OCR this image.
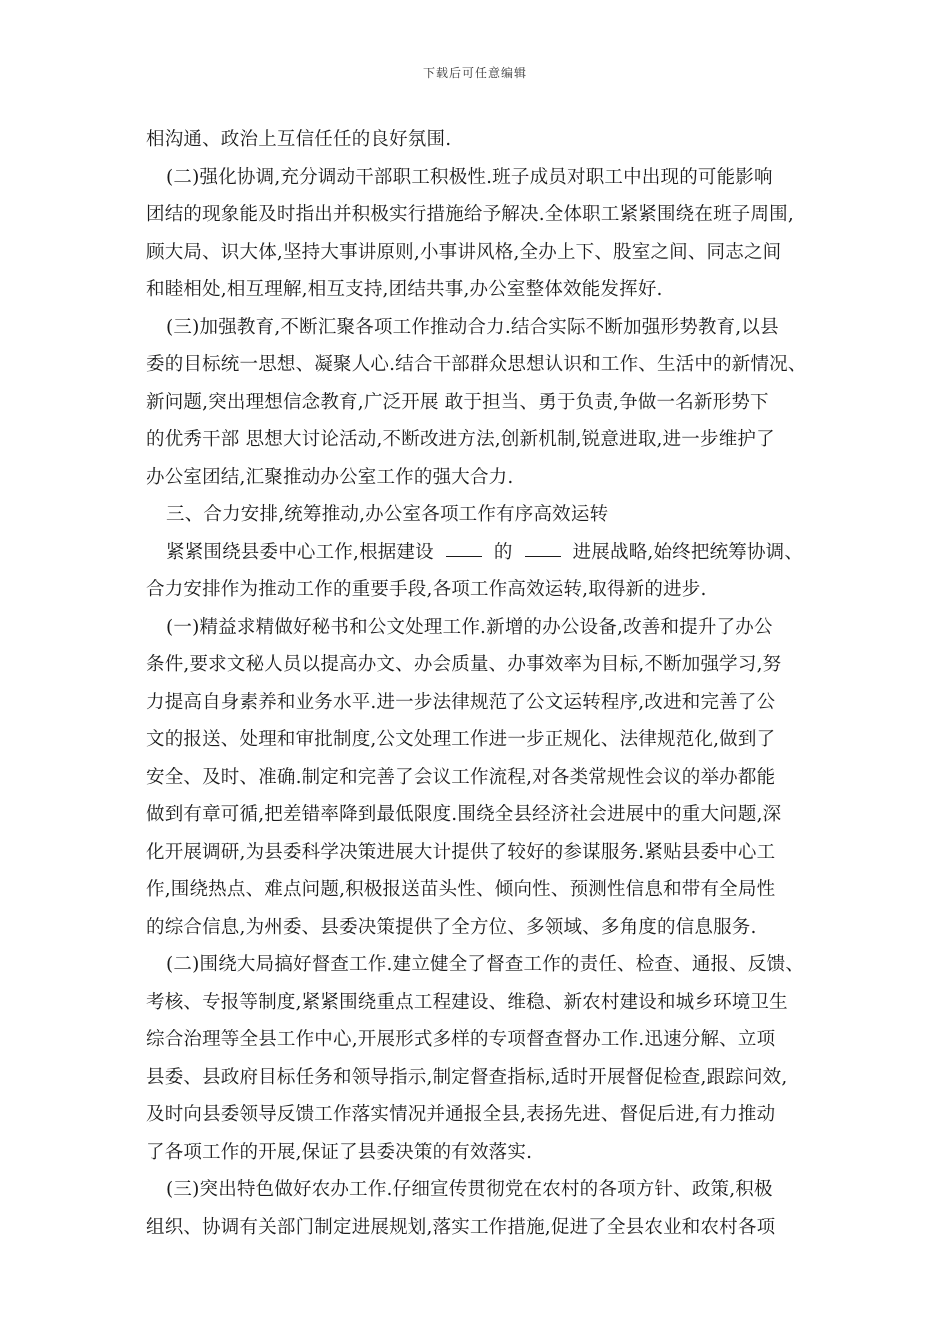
下载后可任意编辑
相沟通、政治上互信任任的良好氛围.
(二)强化协调,充分调动干部职工积极性.班子成员对职工中出现的可能影响
团结的现象能及时指出并积极实行措施给予解决.全体职工紧紧围绕在班子周围,
顾大局、识大体,坚持大事讲原则,小事讲风格,全办上下、股室之间、同志之间
和睦相处,相互理解,相互支持,团结共事,办公室整体效能发挥好.
(三)加强教育,不断汇聚各项工作推动合力.结合实际不断加强形势教育,以县
委的目标统一思想、凝聚人心.结合干部群众思想认识和工作、生活中的新情况、
新问题,突出理想信念教育,广泛开展 敢于担当、勇于负责,争做一名新形势下
的优秀干部 思想大讨论活动,不断改进方法,创新机制,锐意进取,进一步维护了
办公室团结,汇聚推动办公室工作的强大合力.
三、合力安排,统筹推动,办公室各项工作有序高效运转
紧紧围绕县委中心工作,根据建设	的	进展战略,始终把统筹协调、
合力安排作为推动工作的重要手段,各项工作高效运转,取得新的进步.
(一)精益求精做好秘书和公文处理工作.新增的办公设备,改善和提升了办公
条件,要求文秘人员以提高办文、办会质量、办事效率为目标,不断加强学习,努
力提高自身素养和业务水平.进一步法律规范了公文运转程序,改进和完善了公
文的报送、处理和审批制度,公文处理工作进一步正规化、法律规范化,做到了
安全、及时、准确.制定和完善了会议工作流程,对各类常规性会议的举办都能
做到有章可循,把差错率降到最低限度.围绕全县经济社会进展中的重大问题,深
化开展调研,为县委科学决策进展大计提供了较好的参谋服务.紧贴县委中心工
作,围绕热点、难点问题,积极报送苗头性、倾向性、预测性信息和带有全局性
的综合信息,为州委、县委决策提供了全方位、多领域、多角度的信息服务.
(二)围绕大局搞好督查工作.建立健全了督查工作的责任、检查、通报、反馈、
考核、专报等制度,紧紧围绕重点工程建设、维稳、新农村建设和城乡环境卫生
综合治理等全县工作中心,开展形式多样的专项督查督办工作.迅速分解、立项
县委、县政府目标任务和领导指示,制定督查指标,适时开展督促检查,跟踪问效,
及时向县委领导反馈工作落实情况并通报全县,表扬先进、督促后进,有力推动
了各项工作的开展,保证了县委决策的有效落实.
(三)突出特色做好农办工作.仔细宣传贯彻党在农村的各项方针、政策,积极
组织、协调有关部门制定进展规划,落实工作措施,促进了全县农业和农村各项
